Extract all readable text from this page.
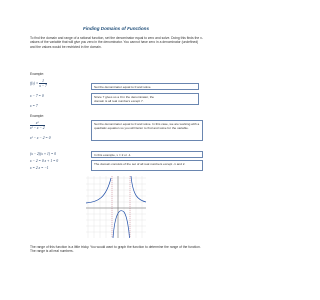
Finding Domains of Functions
To find the domain and range of a rational function, set the denominator equal to zero and solve. Doing this finds the x-values of the variable that will give you zero in the denominator. You cannot have zero in a denominator (undefined) and the values would be restricted in the domain.
Example:
$f(x) = \frac{1}{x - 7}$
x − 7 = 0
x = 7

Set the denominator equal to 0 and solve.

Since 7 gives us a 0 in the denominator, the

domain is all real numbers except 7.

Example:
$\frac{\text{x²}}{\text{x² − x − 2}}$
x² − x − 2 = 0
(x − 2)(x + 1) = 0
x − 2 = 0 x + 1 = 0
x = 2 x = −1

Set the denominator equal to 0 and solve. In this case, we are working with a quadratic equation so you will factor to find and solve for the variable.

In this example, x = 2 or -1

The domain consists of the set of all real numbers except -1 and 2.

The range of this function is a little tricky. You would want to graph the function to determine the range of the function. The range is all real numbers.
